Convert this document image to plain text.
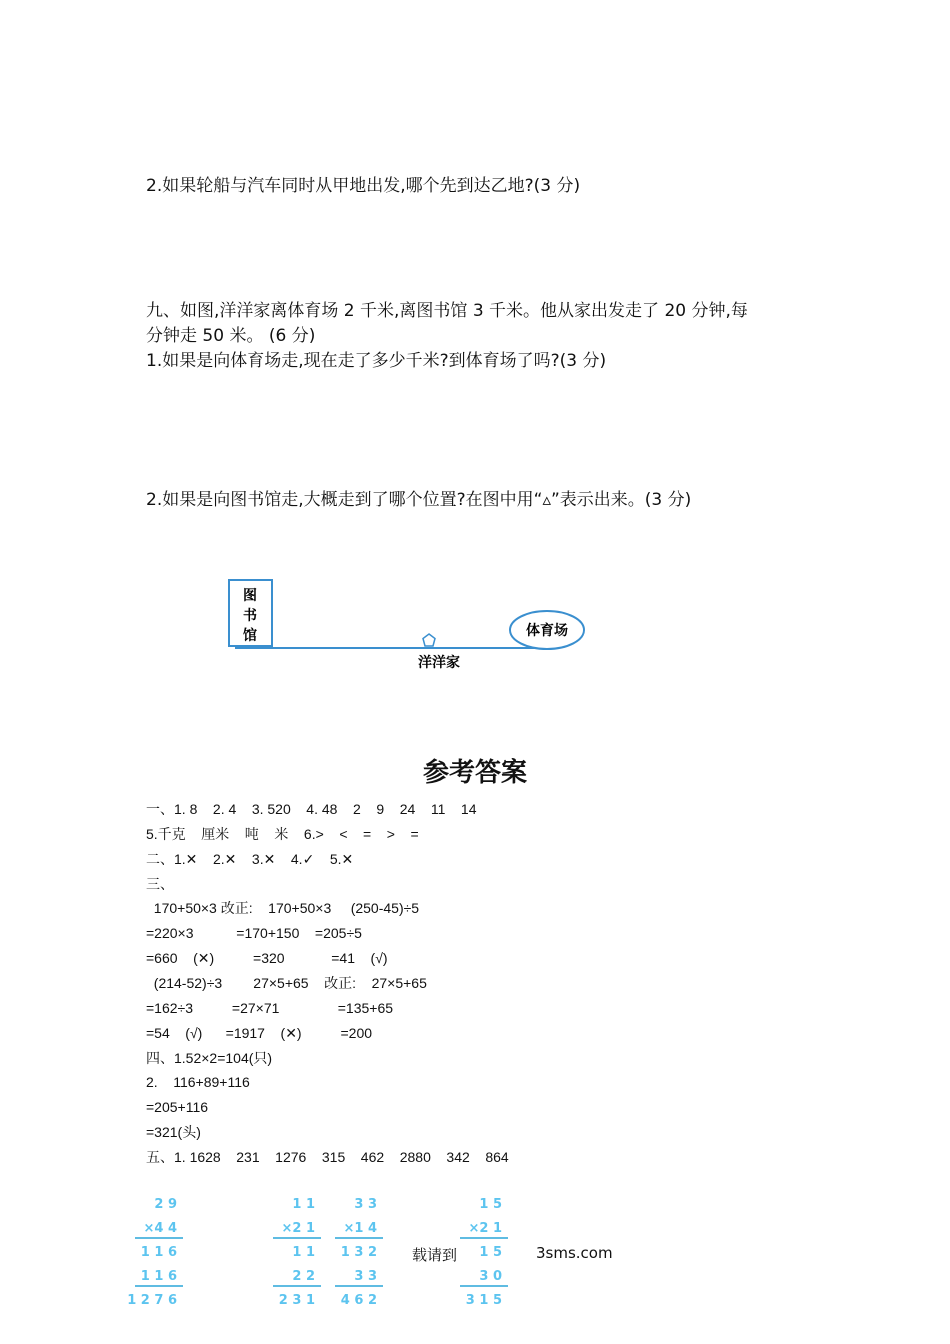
2.如果轮船与汽车同时从甲地出发,哪个先到达乙地?(3 分)
九、如图,洋洋家离体育场 2 千米,离图书馆 3 千米。他从家出发走了 20 分钟,每
分钟走 50 米。 (6 分)
1.如果是向体育场走,现在走了多少千米?到体育场了吗?(3 分)
2.如果是向图书馆走,大概走到了哪个位置?在图中用“▵”表示出来。(3 分)
图
书
馆	体育场
洋洋家
参考答案
一、1. 8    2. 4    3. 520    4. 48    2    9    24    11    14
5.千克    厘米    吨    米    6.>    <    =    >    =
二、1.✕    2.✕    3.✕    4.✓    5.✕
三、
170+50×3 改正:    170+50×3     (250-45)÷5
=220×3           =170+150    =205÷5
=660    (✕)          =320            =41    (√)
(214-52)÷3        27×5+65    改正:    27×5+65
=162÷3          =27×71               =135+65
=54    (√)      =1917    (✕)          =200
四、1.52×2=104(只)
2.    116+89+116
=205+116
=321(头)
五、1. 1628    231    1276    315    462    2880    342    864
2 9
×4 4
1 1 6
1 1 6
1 2 7 6
1 1
×2 1
1 1
2 2
2 3 1
3 3
×1 4
1 3 2
3 3
4 6 2
1 5
×2 1
1 5
3 0
3 1 5
载请到	3sms.com
